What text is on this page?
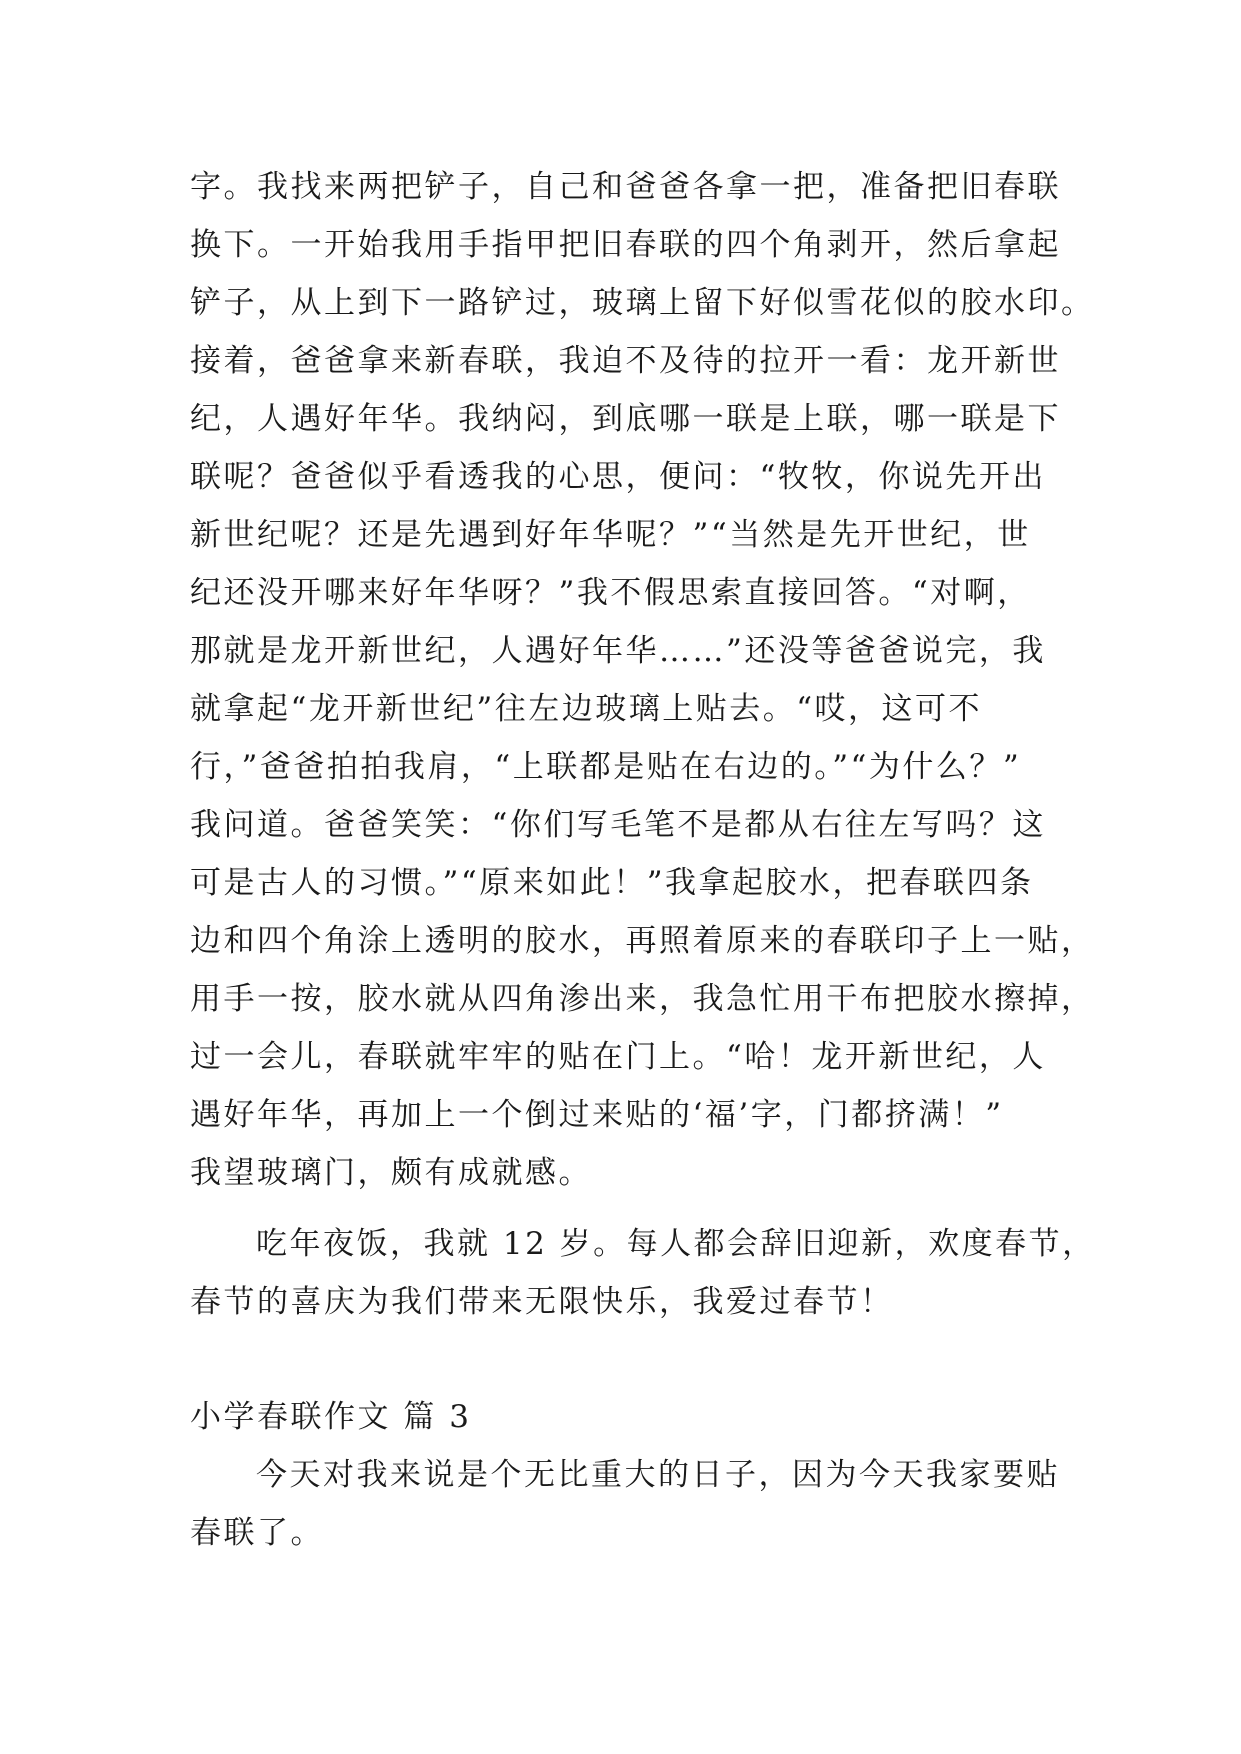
字。我找来两把铲子，自己和爸爸各拿一把，准备把旧春联
换下。一开始我用手指甲把旧春联的四个角剥开，然后拿起
铲子，从上到下一路铲过，玻璃上留下好似雪花似的胶水印。
接着，爸爸拿来新春联，我迫不及待的拉开一看：龙开新世
纪，人遇好年华。我纳闷，到底哪一联是上联，哪一联是下
联呢？爸爸似乎看透我的心思，便问：“牧牧，你说先开出
新世纪呢？还是先遇到好年华呢？”“当然是先开世纪，世
纪还没开哪来好年华呀？”我不假思索直接回答。“对啊，
那就是龙开新世纪，人遇好年华……”还没等爸爸说完，我
就拿起“龙开新世纪”往左边玻璃上贴去。“哎，这可不
行，”爸爸拍拍我肩，“上联都是贴在右边的。”“为什么？”
我问道。爸爸笑笑：“你们写毛笔不是都从右往左写吗？这
可是古人的习惯。”“原来如此！”我拿起胶水，把春联四条
边和四个角涂上透明的胶水，再照着原来的春联印子上一贴，
用手一按，胶水就从四角渗出来，我急忙用干布把胶水擦掉，
过一会儿，春联就牢牢的贴在门上。“哈！龙开新世纪，人
遇好年华，再加上一个倒过来贴的‘福’字，门都挤满！”
我望玻璃门，颇有成就感。
吃年夜饭，我就 12 岁。每人都会辞旧迎新，欢度春节，
春节的喜庆为我们带来无限快乐，我爱过春节！
小学春联作文 篇 3
今天对我来说是个无比重大的日子，因为今天我家要贴
春联了。
